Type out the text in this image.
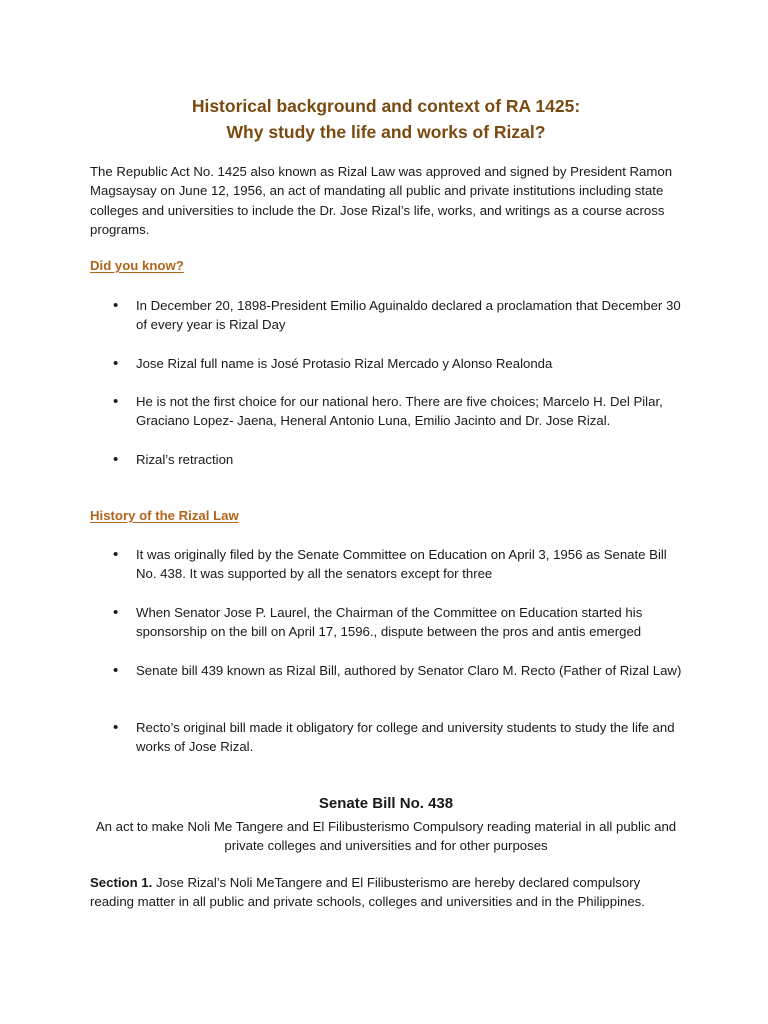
Historical background and context of RA 1425:
Why study the life and works of Rizal?
The Republic Act No. 1425 also known as Rizal Law was approved and signed by President Ramon Magsaysay on June 12, 1956, an act of mandating all public and private institutions including state colleges and universities to include the Dr. Jose Rizal’s life, works, and writings as a course across programs.
Did you know?
• In December 20, 1898-President Emilio Aguinaldo declared a proclamation that December 30 of every year is Rizal Day
• Jose Rizal full name is José Protasio Rizal Mercado y Alonso Realonda
• He is not the first choice for our national hero. There are five choices; Marcelo H. Del Pilar, Graciano Lopez- Jaena, Heneral Antonio Luna, Emilio Jacinto and Dr. Jose Rizal.
• Rizal’s retraction
History of the Rizal Law
• It was originally filed by the Senate Committee on Education on April 3, 1956 as Senate Bill No. 438. It was supported by all the senators except for three
• When Senator Jose P. Laurel, the Chairman of the Committee on Education started his sponsorship on the bill on April 17, 1596., dispute between the pros and antis emerged
• Senate bill 439 known as Rizal Bill, authored by Senator Claro M. Recto (Father of Rizal Law)
• Recto’s original bill made it obligatory for college and university students to study the life and works of Jose Rizal.
Senate Bill No. 438
An act to make Noli Me Tangere and El Filibusterismo Compulsory reading material in all public and private colleges and universities and for other purposes
Section 1. Jose Rizal’s Noli MeTangere and El Filibusterismo are hereby declared compulsory reading matter in all public and private schools, colleges and universities and in the Philippines.
